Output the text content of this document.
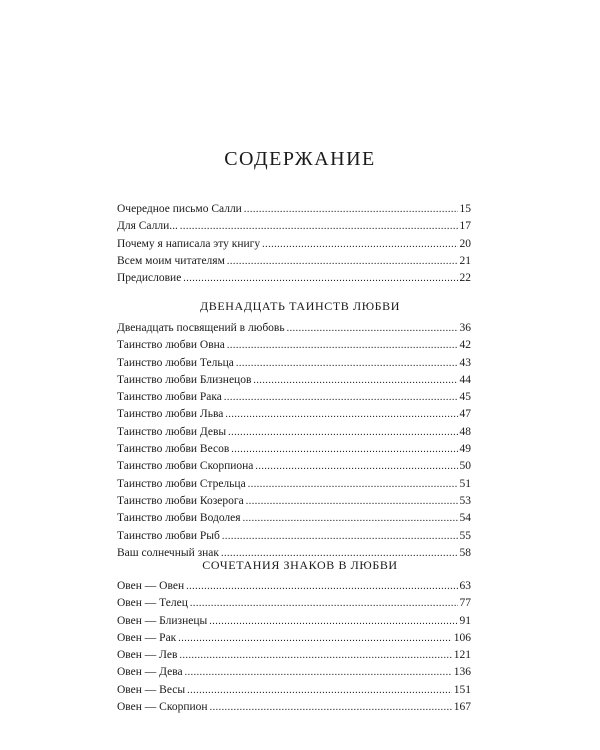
СОДЕРЖАНИЕ
Очередное письмо Салли .....	15
Для Салли... .....	17
Почему я написала эту книгу .....	20
Всем моим читателям .....	21
Предисловие .....	22
ДВЕНАДЦАТЬ ТАИНСТВ ЛЮБВИ
Двенадцать посвящений в любовь .....	36
Таинство любви Овна .....	42
Таинство любви Тельца .....	43
Таинство любви Близнецов .....	44
Таинство любви Рака .....	45
Таинство любви Льва .....	47
Таинство любви Девы .....	48
Таинство любви Весов .....	49
Таинство любви Скорпиона .....	50
Таинство любви Стрельца .....	51
Таинство любви Козерога .....	53
Таинство любви Водолея .....	54
Таинство любви Рыб .....	55
Ваш солнечный знак .....	58
СОЧЕТАНИЯ ЗНАКОВ В ЛЮБВИ
Овен — Овен .....	63
Овен — Телец .....	77
Овен — Близнецы .....	91
Овен — Рак .....	106
Овен — Лев .....	121
Овен — Дева .....	136
Овен — Весы .....	151
Овен — Скорпион .....	167
